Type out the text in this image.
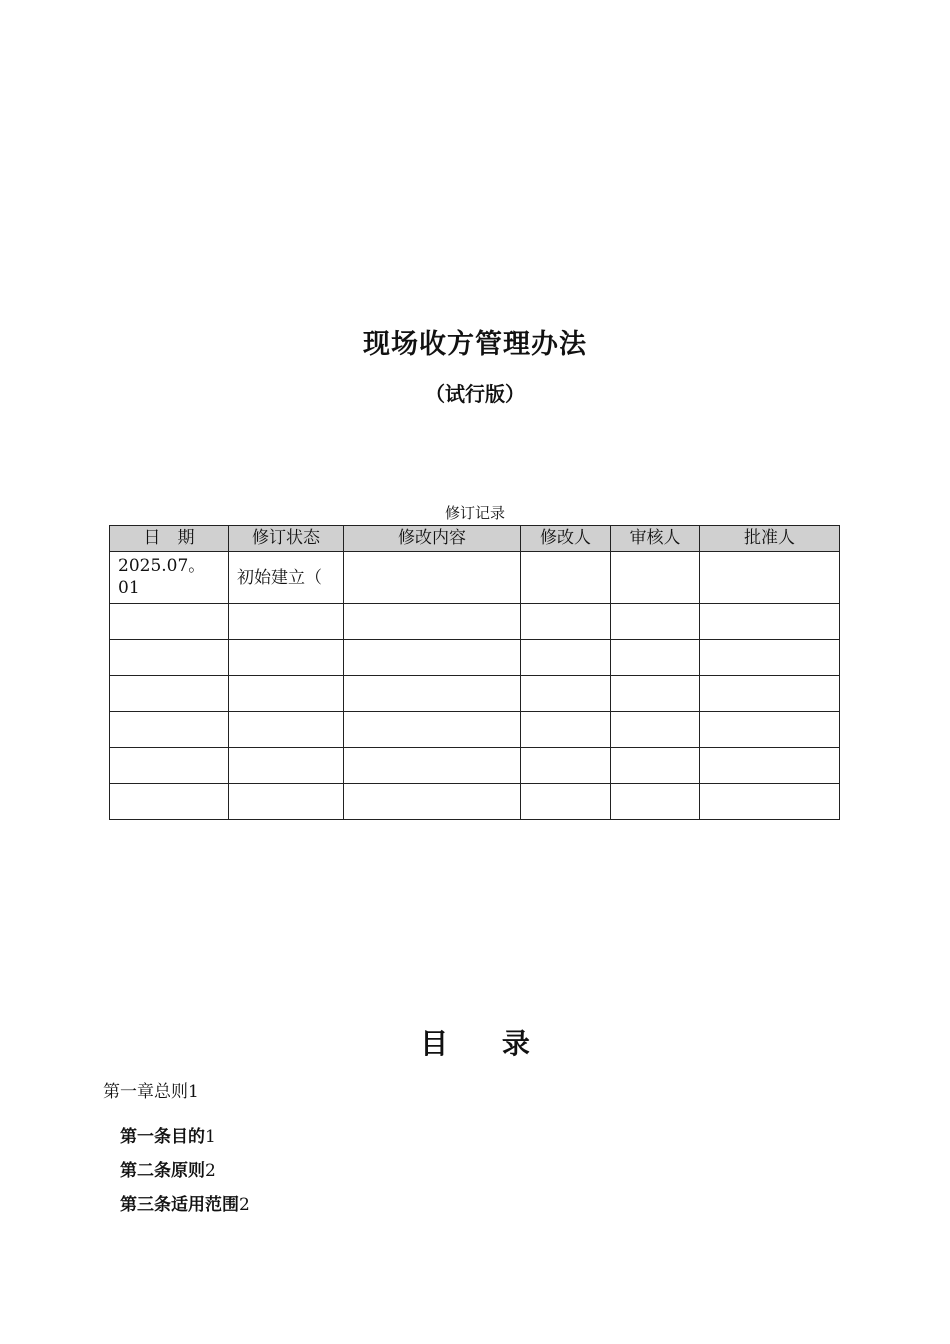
现场收方管理办法
（试行版）
修订记录
日　期	修订状态	修改内容	修改人	审核人	批准人
2025.07。01	初始建立（				

目 录
第一章总则1
第一条目的1
第二条原则2
第三条适用范围2
